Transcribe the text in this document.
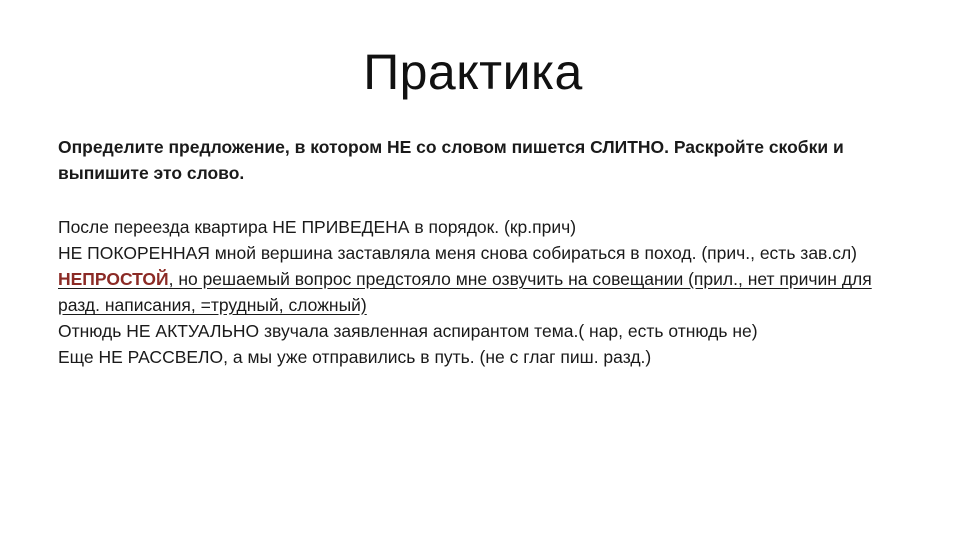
Практика

Определите предложение, в котором НЕ со словом пишется СЛИТНО. Раскройте скобки и выпишите это слово.

После переезда квартира НЕ ПРИВЕДЕНА в порядок. (кр.прич)

НЕ ПОКОРЕННАЯ мной вершина заставляла меня снова собираться в поход. (прич., есть зав.сл)

НЕПРОСТОЙ, но решаемый вопрос предстояло мне озвучить на совещании (прил., нет причин для разд. написания, =трудный, сложный)

Отнюдь НЕ АКТУАЛЬНО звучала заявленная аспирантом тема.( нар, есть отнюдь не)

Еще НЕ РАССВЕЛО, а мы уже отправились в путь. (не с глаг пиш. разд.)
